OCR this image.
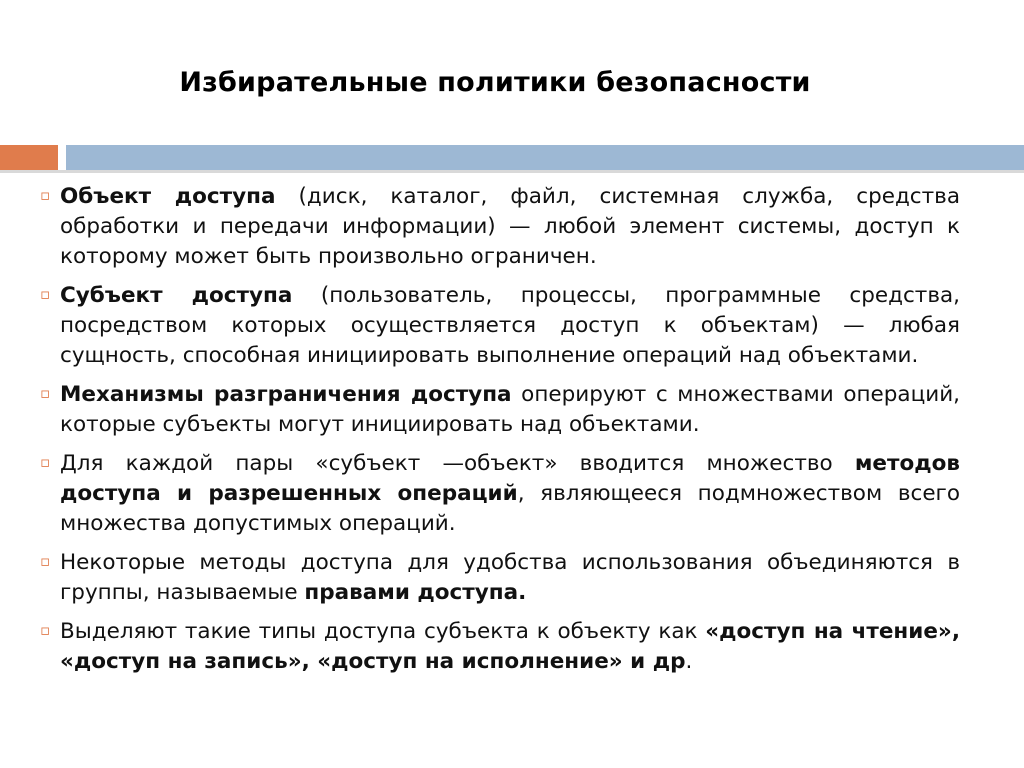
Избирательные политики безопасности
▫ Объект доступа (диск, каталог, файл, системная служба, средства обработки и передачи информации) — любой элемент системы, доступ к которому может быть произвольно ограничен.
▫ Субъект доступа (пользователь, процессы, программные средства, посредством которых осуществляется доступ к объектам) — любая сущность, способная инициировать выполнение операций над объектами.
▫ Механизмы разграничения доступа оперируют с множествами операций, которые субъекты могут инициировать над объектами.
▫ Для каждой пары «субъект —объект» вводится множество методов доступа и разрешенных операций, являющееся подмножеством всего множества допустимых операций.
▫ Некоторые методы доступа для удобства использования объединяются в группы, называемые правами доступа.
▫ Выделяют такие типы доступа субъекта к объекту как «доступ на чтение», «доступ на запись», «доступ на исполнение» и др.
